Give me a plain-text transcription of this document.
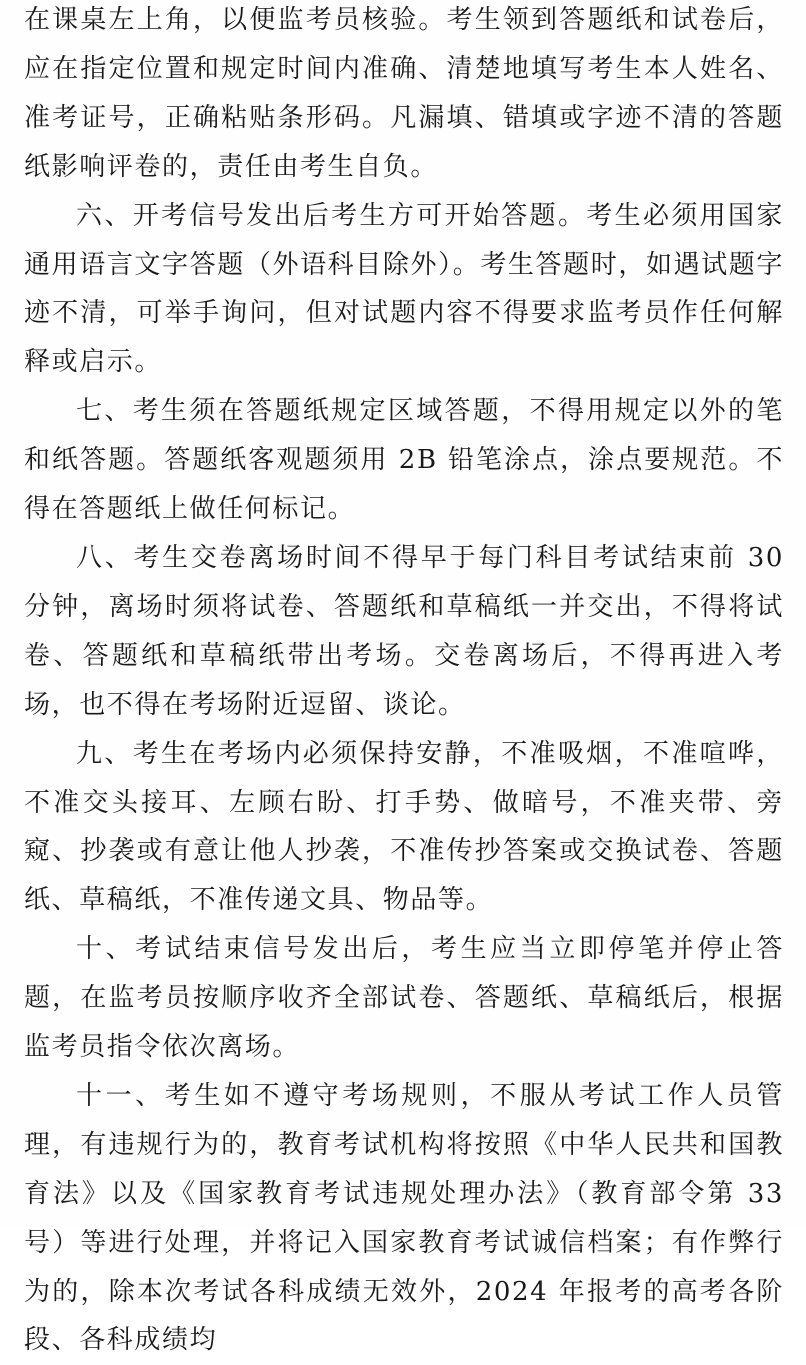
在课桌左上角，以便监考员核验。考生领到答题纸和试卷后，应在指定位置和规定时间内准确、清楚地填写考生本人姓名、准考证号，正确粘贴条形码。凡漏填、错填或字迹不清的答题纸影响评卷的，责任由考生自负。

六、开考信号发出后考生方可开始答题。考生必须用国家通用语言文字答题（外语科目除外）。考生答题时，如遇试题字迹不清，可举手询问，但对试题内容不得要求监考员作任何解释或启示。

七、考生须在答题纸规定区域答题，不得用规定以外的笔和纸答题。答题纸客观题须用 2B 铅笔涂点，涂点要规范。不得在答题纸上做任何标记。

八、考生交卷离场时间不得早于每门科目考试结束前 30 分钟，离场时须将试卷、答题纸和草稿纸一并交出，不得将试卷、答题纸和草稿纸带出考场。交卷离场后，不得再进入考场，也不得在考场附近逗留、谈论。

九、考生在考场内必须保持安静，不准吸烟，不准喧哗，不准交头接耳、左顾右盼、打手势、做暗号，不准夹带、旁窥、抄袭或有意让他人抄袭，不准传抄答案或交换试卷、答题纸、草稿纸，不准传递文具、物品等。

十、考试结束信号发出后，考生应当立即停笔并停止答题，在监考员按顺序收齐全部试卷、答题纸、草稿纸后，根据监考员指令依次离场。

十一、考生如不遵守考场规则，不服从考试工作人员管理，有违规行为的，教育考试机构将按照《中华人民共和国教育法》以及《国家教育考试违规处理办法》（教育部令第 33 号）等进行处理，并将记入国家教育考试诚信档案；有作弊行为的，除本次考试各科成绩无效外，2024 年报考的高考各阶段、各科成绩均
